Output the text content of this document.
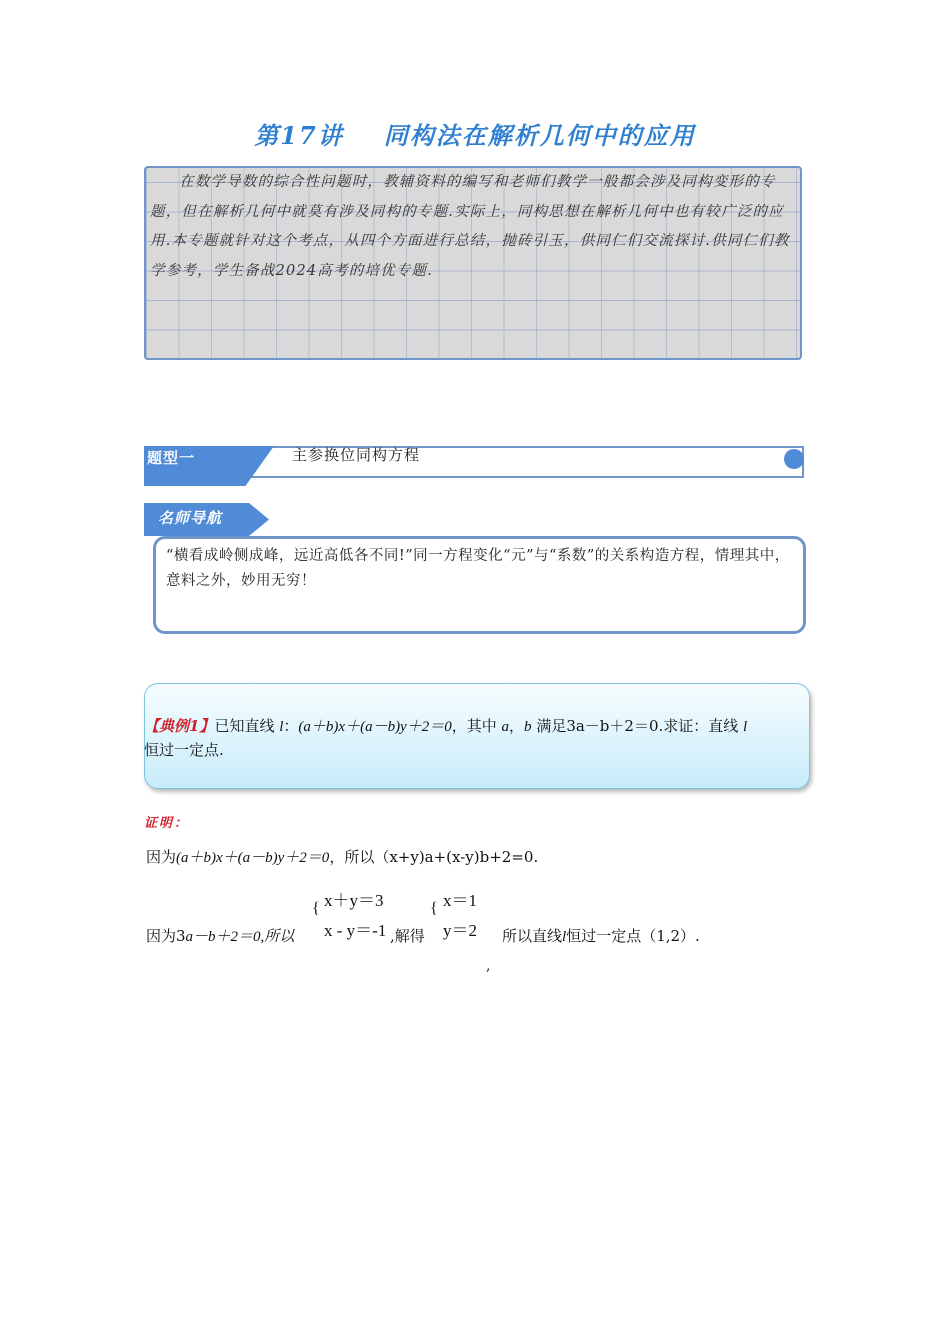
第17讲 同构法在解析几何中的应用
在数学导数的综合性问题时，教辅资料的编写和老师们教学一般都会涉及同构变形的专题，但在解析几何中就莫有涉及同构的专题.实际上，同构思想在解析几何中也有较广泛的应用.本专题就针对这个考点，从四个方面进行总结，抛砖引玉，供同仁们交流探讨.供同仁们教学参考，学生备战2024高考的培优专题.
题型一	主参换位同构方程
名师导航
“横看成岭侧成峰，远近高低各不同!”同一方程变化“元”与“系数”的关系构造方程，情理其中，意料之外，妙用无穷！
【典例1】已知直线 l：(a＋b)x＋(a－b)y＋2＝0，其中 a，b 满足3a－b＋2＝0.求证：直线 l
恒过一定点.
证明：
因为(a＋b)x＋(a－b)y＋2＝0，所以（x+y)a+(x-y)b+2=0.
因为3a－b＋2＝0,所以
{ x＋y＝3
x - y＝-1 ,解得
{ x＝1
y＝2 所以直线l恒过一定点（1,2）.
,
